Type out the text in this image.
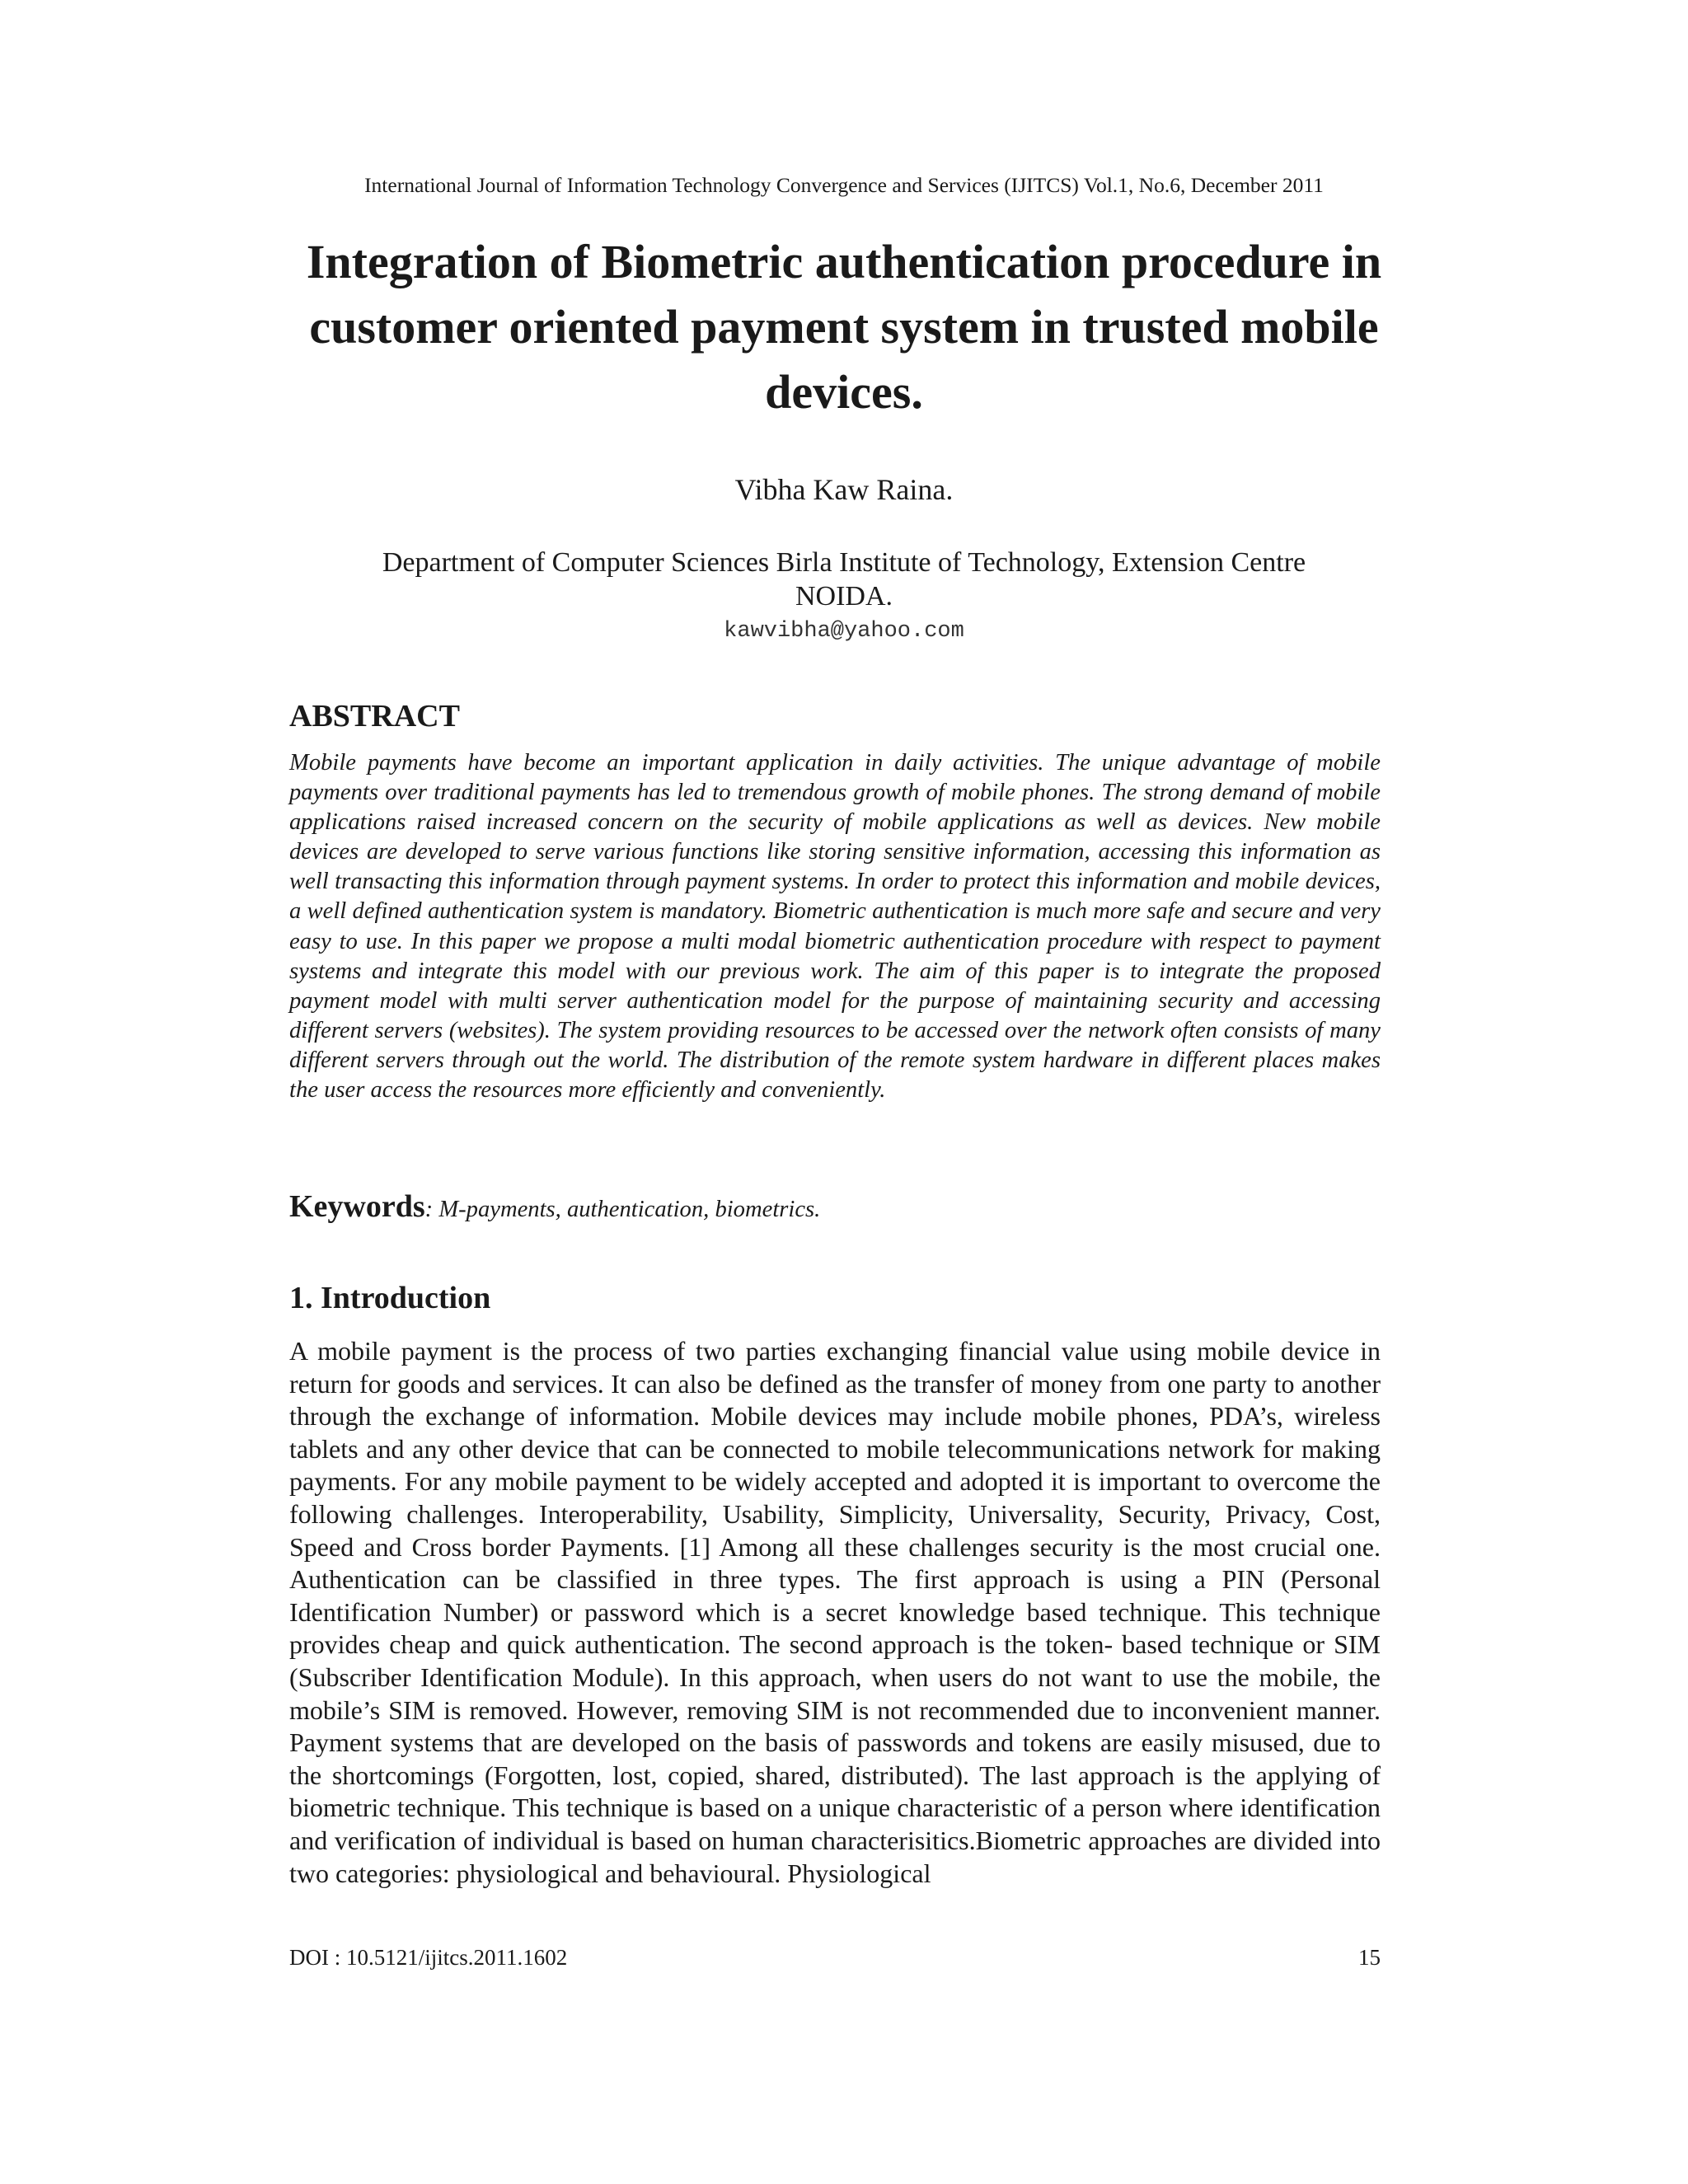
International Journal of Information Technology Convergence and Services (IJITCS) Vol.1, No.6, December 2011
Integration of Biometric authentication procedure in customer oriented payment system in trusted mobile devices.
Vibha Kaw Raina.
Department of Computer Sciences Birla Institute of Technology, Extension Centre
NOIDA.
kawvibha@yahoo.com
ABSTRACT

Mobile payments have become an important application in daily activities. The unique advantage of mobile payments over traditional payments has led to tremendous growth of mobile phones. The strong demand of mobile applications raised increased concern on the security of mobile applications as well as devices. New mobile devices are developed to serve various functions like storing sensitive information, accessing this information as well transacting this information through payment systems. In order to protect this information and mobile devices, a well defined authentication system is mandatory. Biometric authentication is much more safe and secure and very easy to use. In this paper we propose a multi modal biometric authentication procedure with respect to payment systems and integrate this model with our previous work. The aim of this paper is to integrate the proposed payment model with multi server authentication model for the purpose of maintaining security and accessing different servers (websites). The system providing resources to be accessed over the network often consists of many different servers through out the world. The distribution of the remote system hardware in different places makes the user access the resources more efficiently and conveniently.

Keywords: M-payments, authentication, biometrics.
1. Introduction

A mobile payment is the process of two parties exchanging financial value using mobile device in return for goods and services. It can also be defined as the transfer of money from one party to another through the exchange of information. Mobile devices may include mobile phones, PDA’s, wireless tablets and any other device that can be connected to mobile telecommunications network for making payments. For any mobile payment to be widely accepted and adopted it is important to overcome the following challenges. Interoperability, Usability, Simplicity, Universality, Security, Privacy, Cost, Speed and Cross border Payments. [1] Among all these challenges security is the most crucial one. Authentication can be classified in three types. The first approach is using a PIN (Personal Identification Number) or password which is a secret knowledge based technique. This technique provides cheap and quick authentication. The second approach is the token- based technique or SIM (Subscriber Identification Module). In this approach, when users do not want to use the mobile, the mobile’s SIM is removed. However, removing SIM is not recommended due to inconvenient manner. Payment systems that are developed on the basis of passwords and tokens are easily misused, due to the shortcomings (Forgotten, lost, copied, shared, distributed). The last approach is the applying of biometric technique. This technique is based on a unique characteristic of a person where identification and verification of individual is based on human characterisitics.Biometric approaches are divided into two categories: physiological and behavioural. Physiological

DOI : 10.5121/ijitcs.2011.1602	15
